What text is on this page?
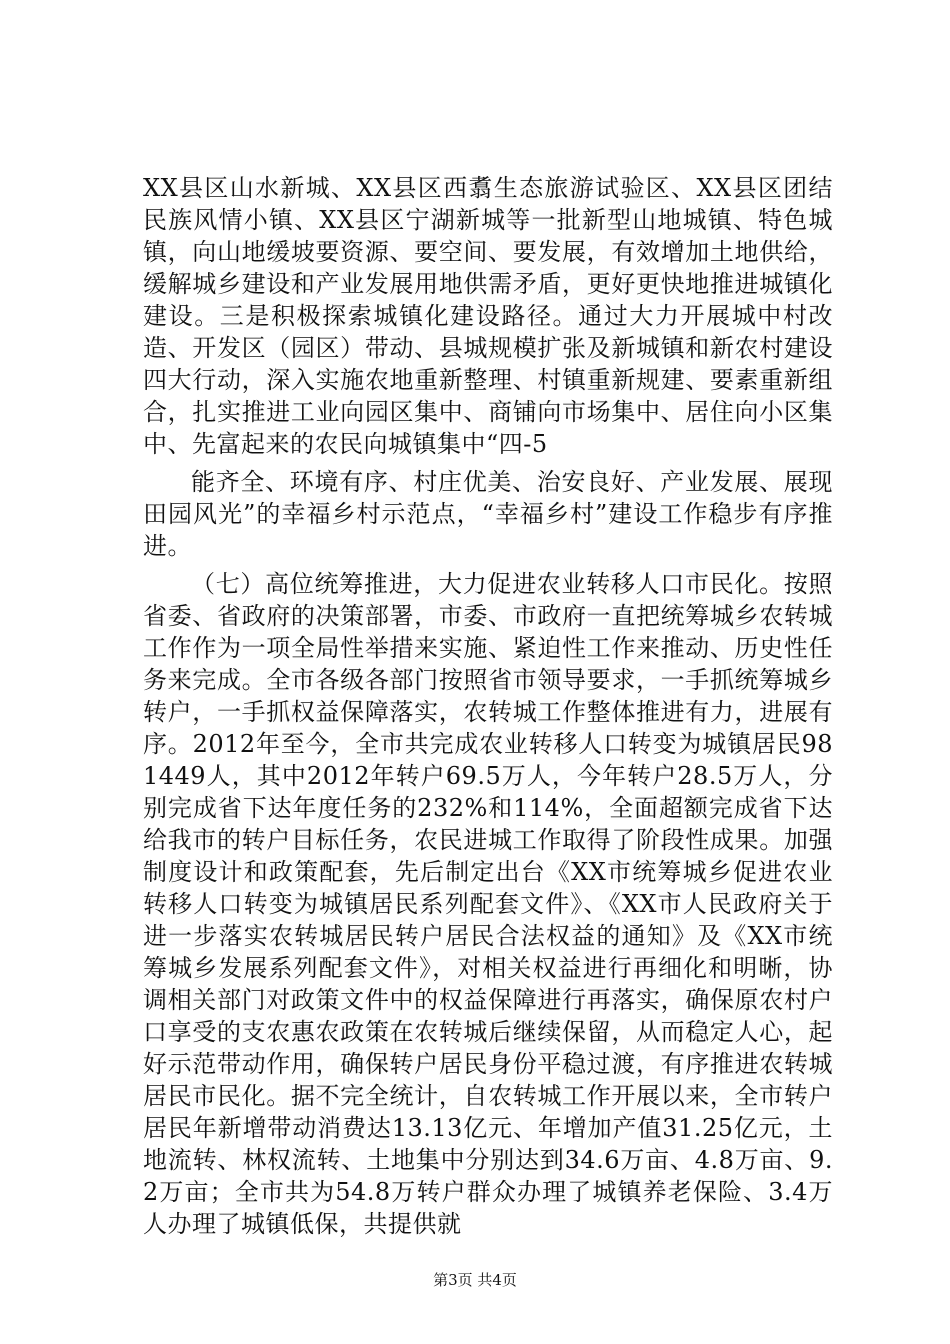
XX县区山水新城、XX县区西翥生态旅游试验区、XX县区团结民族风情小镇、XX县区宁湖新城等一批新型山地城镇、特色城镇，向山地缓坡要资源、要空间、要发展，有效增加土地供给，缓解城乡建设和产业发展用地供需矛盾，更好更快地推进城镇化建设。三是积极探索城镇化建设路径。通过大力开展城中村改造、开发区（园区）带动、县城规模扩张及新城镇和新农村建设四大行动，深入实施农地重新整理、村镇重新规建、要素重新组合，扎实推进工业向园区集中、商铺向市场集中、居住向小区集中、先富起来的农民向城镇集中“四-5

能齐全、环境有序、村庄优美、治安良好、产业发展、展现田园风光”的幸福乡村示范点，“幸福乡村”建设工作稳步有序推进。

（七）高位统筹推进，大力促进农业转移人口市民化。按照省委、省政府的决策部署，市委、市政府一直把统筹城乡农转城工作作为一项全局性举措来实施、紧迫性工作来推动、历史性任务来完成。全市各级各部门按照省市领导要求，一手抓统筹城乡转户，一手抓权益保障落实，农转城工作整体推进有力，进展有序。2012年至今，全市共完成农业转移人口转变为城镇居民981449人，其中2012年转户69.5万人，今年转户28.5万人，分别完成省下达年度任务的232%和114%，全面超额完成省下达给我市的转户目标任务，农民进城工作取得了阶段性成果。加强制度设计和政策配套，先后制定出台《XX市统筹城乡促进农业转移人口转变为城镇居民系列配套文件》、《XX市人民政府关于进一步落实农转城居民转户居民合法权益的通知》及《XX市统筹城乡发展系列配套文件》，对相关权益进行再细化和明晰，协调相关部门对政策文件中的权益保障进行再落实，确保原农村户口享受的支农惠农政策在农转城后继续保留，从而稳定人心，起好示范带动作用，确保转户居民身份平稳过渡，有序推进农转城居民市民化。据不完全统计，自农转城工作开展以来，全市转户居民年新增带动消费达13.13亿元、年增加产值31.25亿元，土地流转、林权流转、土地集中分别达到34.6万亩、4.8万亩、9.2万亩；全市共为54.8万转户群众办理了城镇养老保险、3.4万人办理了城镇低保，共提供就

第3页 共4页
